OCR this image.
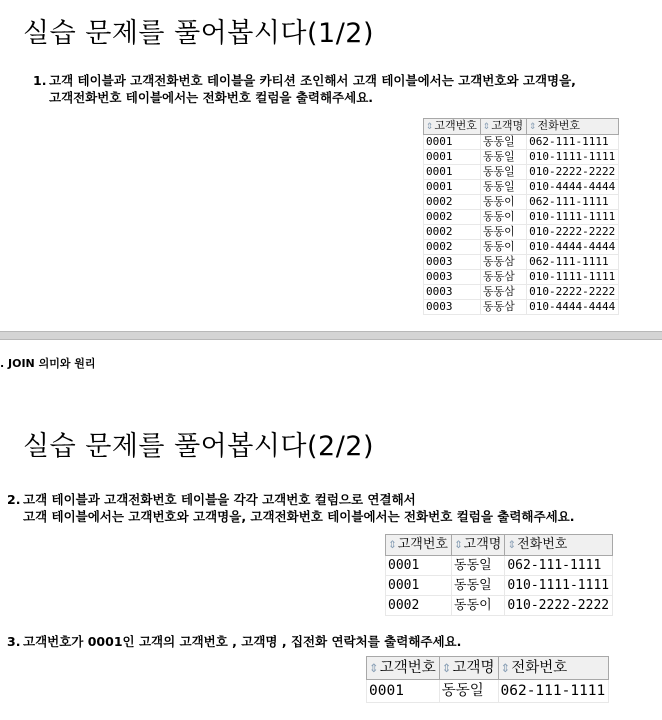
실습 문제를 풀어봅시다(1/2)
1. 고객 테이블과 고객전화번호 테이블을 카티션 조인해서 고객 테이블에서는 고객번호와 고객명을,
고객전화번호 테이블에서는 전화번호 컬럼을 출력해주세요.
⇕고객번호	⇕고객명	⇕전화번호
0001	동동일	062-111-1111
0001	동동일	010-1111-1111
0001	동동일	010-2222-2222
0001	동동일	010-4444-4444
0002	동동이	062-111-1111
0002	동동이	010-1111-1111
0002	동동이	010-2222-2222
0002	동동이	010-4444-4444
0003	동동삼	062-111-1111
0003	동동삼	010-1111-1111
0003	동동삼	010-2222-2222
0003	동동삼	010-4444-4444
. JOIN 의미와 원리
실습 문제를 풀어봅시다(2/2)
2. 고객 테이블과 고객전화번호 테이블을 각각 고객번호 컬럼으로 연결해서
고객 테이블에서는 고객번호와 고객명을, 고객전화번호 테이블에서는 전화번호 컬럼을 출력해주세요.
⇕고객번호	⇕고객명	⇕전화번호
0001	동동일	062-111-1111
0001	동동일	010-1111-1111
0002	동동이	010-2222-2222
3. 고객번호가 0001인 고객의 고객번호 , 고객명 , 집전화 연락처를 출력해주세요.
⇕고객번호	⇕고객명	⇕전화번호
0001	동동일	062-111-1111
